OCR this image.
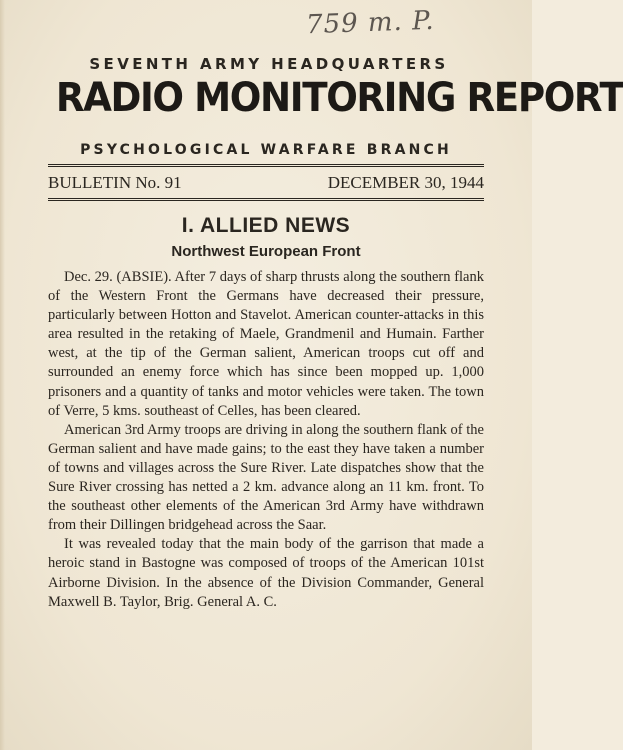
759 m. P.
SEVENTH ARMY HEADQUARTERS
RADIO MONITORING REPORT
PSYCHOLOGICAL WARFARE BRANCH
BULLETIN No. 91	DECEMBER 30, 1944
I. ALLIED NEWS
Northwest European Front

Dec. 29. (ABSIE). After 7 days of sharp thrusts along the southern flank of the Western Front the Germans have decreased their pressure, particularly between Hotton and Stavelot. American counter-attacks in this area resulted in the retaking of Maele, Grandmenil and Humain. Farther west, at the tip of the German salient, American troops cut off and surrounded an enemy force which has since been mopped up. 1,000 prisoners and a quantity of tanks and motor vehicles were taken. The town of Verre, 5 kms. southeast of Celles, has been cleared.

American 3rd Army troops are driving in along the southern flank of the German salient and have made gains; to the east they have taken a number of towns and villages across the Sure River. Late dispatches show that the Sure River crossing has netted a 2 km. advance along an 11 km. front. To the southeast other elements of the American 3rd Army have withdrawn from their Dillingen bridgehead across the Saar.

It was revealed today that the main body of the garrison that made a heroic stand in Bastogne was composed of troops of the American 101st Airborne Division. In the absence of the Division Commander, General Maxwell B. Taylor, Brig. General A. C.
